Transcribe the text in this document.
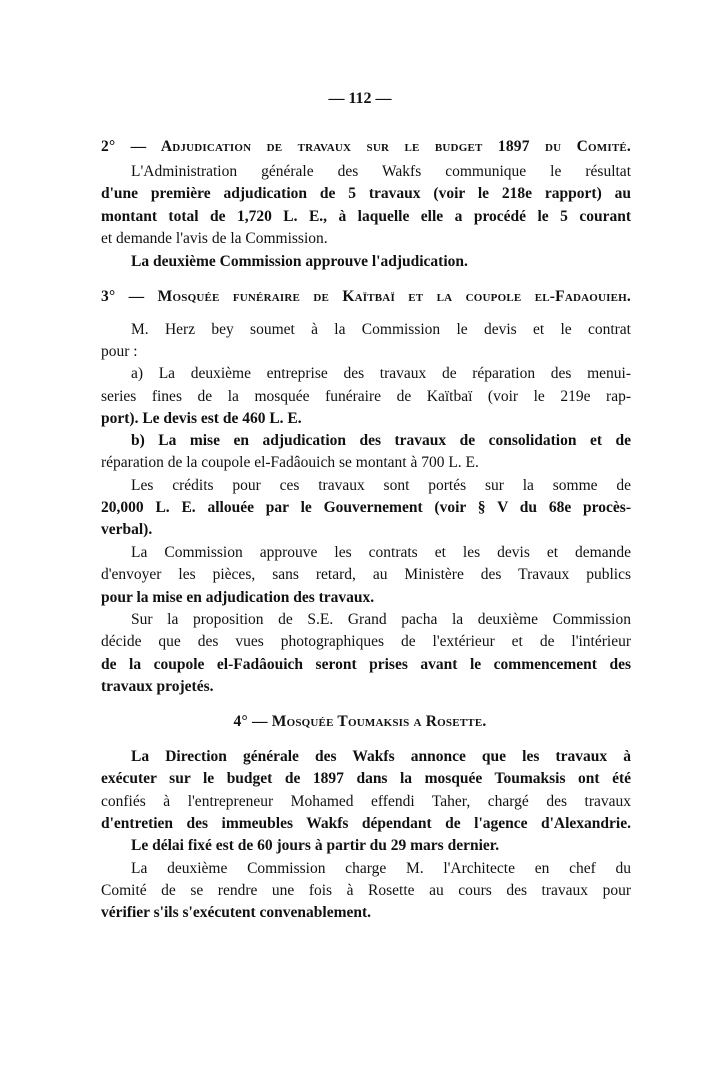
— 112 —
2° — Adjudication de travaux sur le budget 1897 du Comité.
L'Administration générale des Wakfs communique le résultat
d'une première adjudication de 5 travaux (voir le 218e rapport) au
montant total de 1,720 L. E., à laquelle elle a procédé le 5 courant
et demande l'avis de la Commission.
La deuxième Commission approuve l'adjudication.
3° — Mosquée funéraire de Kaïtbaï et la coupole el-Fadaouieh.
M. Herz bey soumet à la Commission le devis et le contrat
pour :
a) La deuxième entreprise des travaux de réparation des menui-
series fines de la mosquée funéraire de Kaïtbaï (voir le 219e rap-
port). Le devis est de 460 L. E.
b) La mise en adjudication des travaux de consolidation et de
réparation de la coupole el-Fadâouich se montant à 700 L. E.
Les crédits pour ces travaux sont portés sur la somme de
20,000 L. E. allouée par le Gouvernement (voir § V du 68e procès-
verbal).
La Commission approuve les contrats et les devis et demande
d'envoyer les pièces, sans retard, au Ministère des Travaux publics
pour la mise en adjudication des travaux.
Sur la proposition de S.E. Grand pacha la deuxième Commission
décide que des vues photographiques de l'extérieur et de l'intérieur
de la coupole el-Fadâouich seront prises avant le commencement des
travaux projetés.
4° — Mosquée Toumaksis a Rosette.
La Direction générale des Wakfs annonce que les travaux à
exécuter sur le budget de 1897 dans la mosquée Toumaksis ont été
confiés à l'entrepreneur Mohamed effendi Taher, chargé des travaux
d'entretien des immeubles Wakfs dépendant de l'agence d'Alexandrie.
Le délai fixé est de 60 jours à partir du 29 mars dernier.
La deuxième Commission charge M. l'Architecte en chef du
Comité de se rendre une fois à Rosette au cours des travaux pour
vérifier s'ils s'exécutent convenablement.
